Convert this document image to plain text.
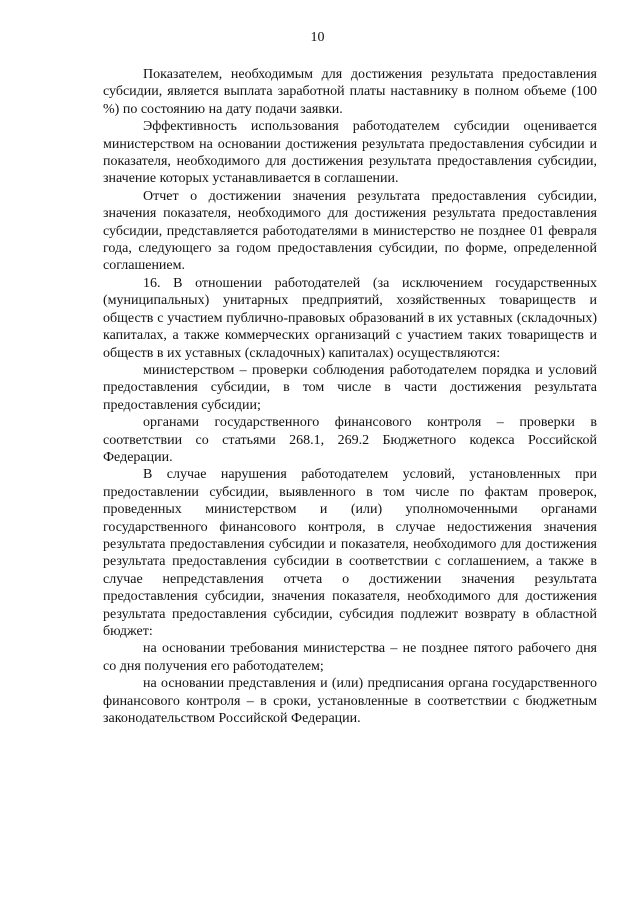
10

Показателем, необходимым для достижения результата предоставления субсидии, является выплата заработной платы наставнику в полном объеме (100 %) по состоянию на дату подачи заявки.

Эффективность использования работодателем субсидии оценивается министерством на основании достижения результата предоставления субсидии и показателя, необходимого для достижения результата предоставления субсидии, значение которых устанавливается в соглашении.

Отчет о достижении значения результата предоставления субсидии, значения показателя, необходимого для достижения результата предоставления субсидии, представляется работодателями в министерство не позднее 01 февраля года, следующего за годом предоставления субсидии, по форме, определенной соглашением.

16. В отношении работодателей (за исключением государственных (муниципальных) унитарных предприятий, хозяйственных товариществ и обществ с участием публично-правовых образований в их уставных (складочных) капиталах, а также коммерческих организаций с участием таких товариществ и обществ в их уставных (складочных) капиталах) осуществляются:

министерством – проверки соблюдения работодателем порядка и условий предоставления субсидии, в том числе в части достижения результата предоставления субсидии;

органами государственного финансового контроля – проверки в соответствии со статьями 268.1, 269.2 Бюджетного кодекса Российской Федерации.

В случае нарушения работодателем условий, установленных при предоставлении субсидии, выявленного в том числе по фактам проверок, проведенных министерством и (или) уполномоченными органами государственного финансового контроля, в случае недостижения значения результата предоставления субсидии и показателя, необходимого для достижения результата предоставления субсидии в соответствии с соглашением, а также в случае непредставления отчета о достижении значения результата предоставления субсидии, значения показателя, необходимого для достижения результата предоставления субсидии, субсидия подлежит возврату в областной бюджет:

на основании требования министерства – не позднее пятого рабочего дня со дня получения его работодателем;

на основании представления и (или) предписания органа государственного финансового контроля – в сроки, установленные в соответствии с бюджетным законодательством Российской Федерации.
